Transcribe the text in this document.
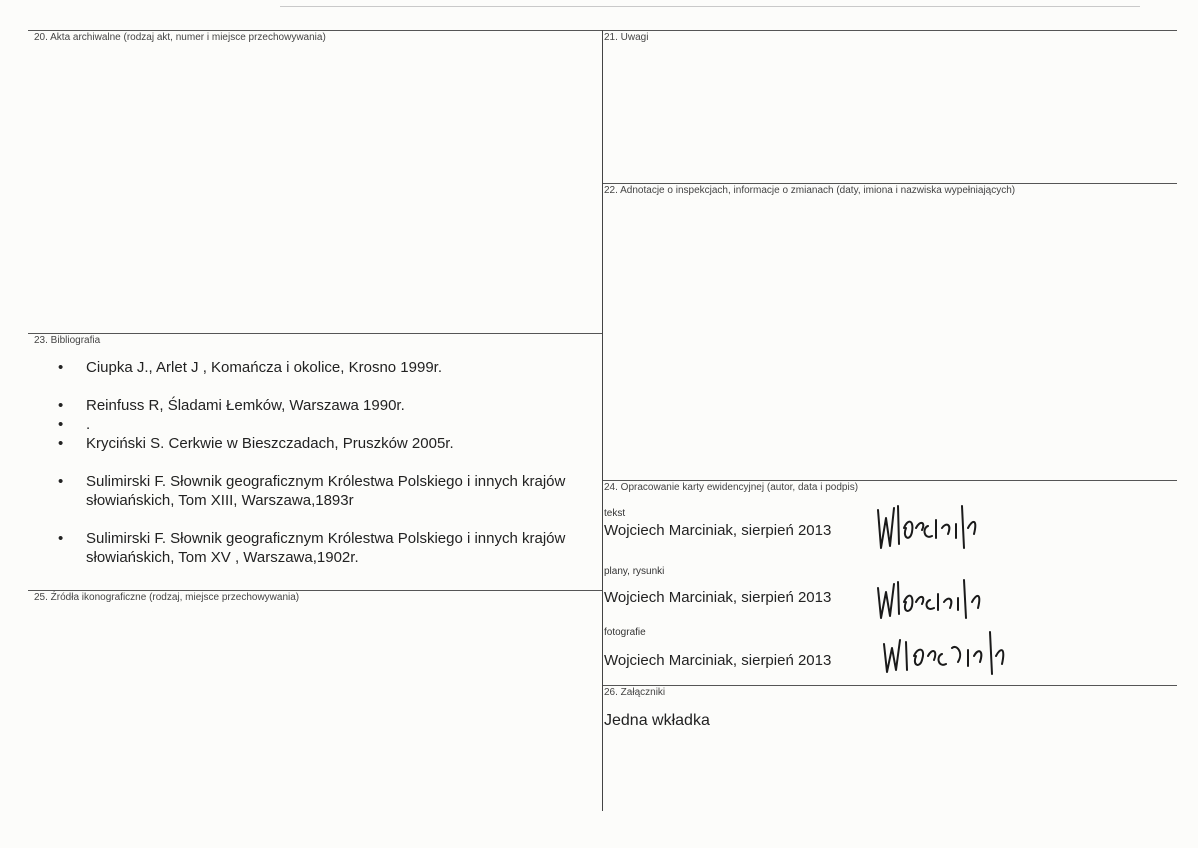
20. Akta archiwalne (rodzaj akt, numer i miejsce przechowywania)	21. Uwagi
22. Adnotacje o inspekcjach, informacje o zmianach (daty, imiona i nazwiska wypełniających)
23. Bibliografia
24. Opracowanie karty ewidencyjnej (autor, data i podpis)
25. Źródła ikonograficzne (rodzaj, miejsce przechowywania)
26. Załączniki
• Ciupka J., Arlet J , Komańcza i okolice, Krosno 1999r.
• Reinfuss R, Śladami Łemków, Warszawa 1990r.
• .
• Kryciński S. Cerkwie w Bieszczadach, Pruszków 2005r.
• Sulimirski F. Słownik geograficznym Królestwa Polskiego i innych krajów słowiańskich, Tom XIII, Warszawa,1893r
• Sulimirski F. Słownik geograficznym Królestwa Polskiego i innych krajów słowiańskich, Tom XV , Warszawa,1902r.
tekst
Wojciech Marciniak, sierpień 2013
plany, rysunki
Wojciech Marciniak, sierpień 2013
fotografie
Wojciech Marciniak, sierpień 2013
Jedna wkładka
